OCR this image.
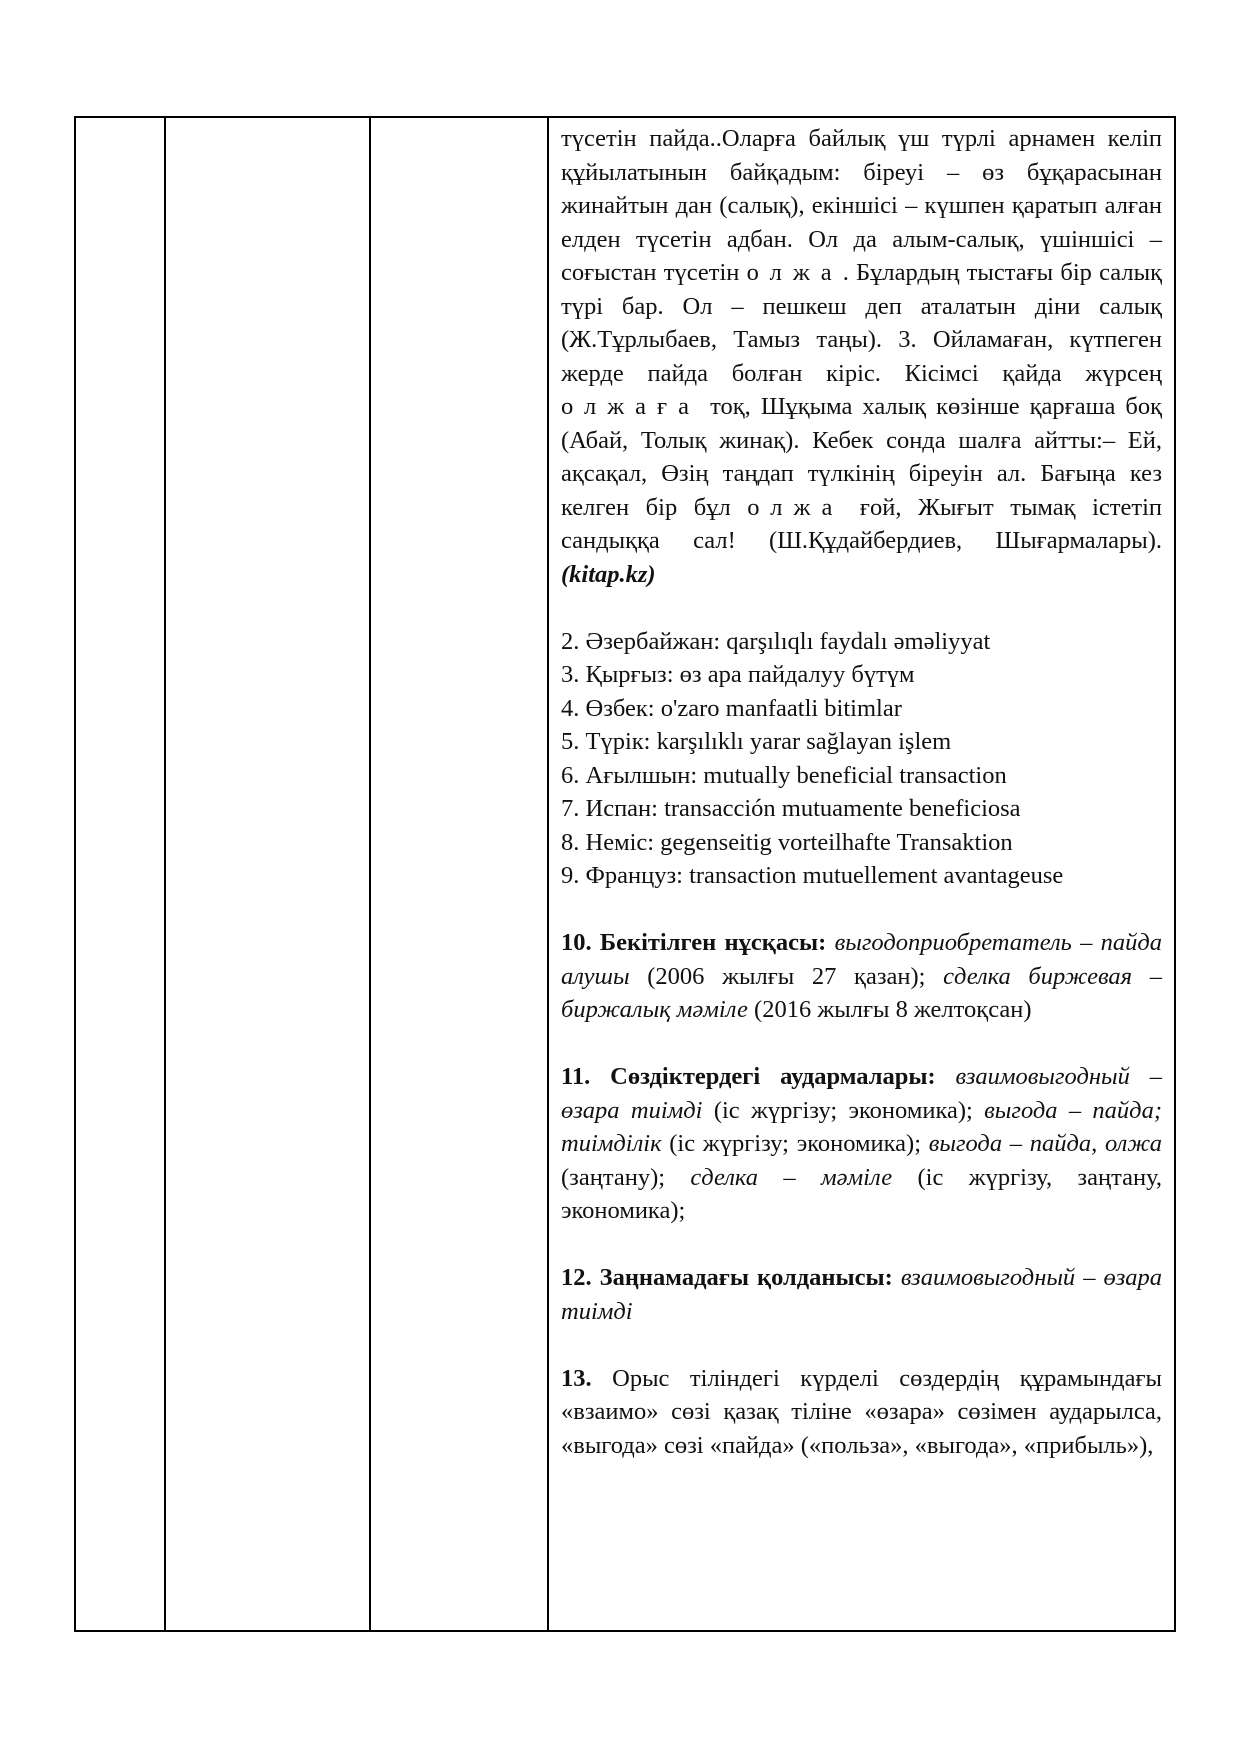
түсетін пайда..Оларға байлық үш түрлі арнамен келіп құйылатынын байқадым: біреуі – өз бұқарасынан жинайтын дан (салық), екіншісі – күшпен қаратып алған елден түсетін адбан. Ол да алым-салық, үшіншісі – соғыстан түсетін олжа. Бұлардың тыстағы бір салық түрі бар. Ол – пешкеш деп аталатын діни салық (Ж.Тұрлыбаев, Тамыз таңы). 3. Ойламаған, күтпеген жерде пайда болған кіріс. Кісімсі қайда жүрсең олжаға тоқ, Шұқыма халық көзінше қарғаша боқ (Абай, Толық жинақ). Кебек сонда шалға айтты:– Ей, ақсақал, Өзің таңдап түлкінің біреуін ал. Бағыңа кез келген бір бұл олжа ғой, Жығыт тымақ істетіп сандыққа сал! (Ш.Құдайбердиев, Шығармалары). (kitap.kz)

2. Әзербайжан: qarşılıqlı faydalı əməliyyat

3. Қырғыз: өз ара пайдалуу бүтүм

4. Өзбек: o'zaro manfaatli bitimlar

5. Түрік: karşılıklı yarar sağlayan işlem

6. Ағылшын: mutually beneficial transaction

7. Испан: transacción mutuamente beneficiosa

8. Неміс: gegenseitig vorteilhafte Transaktion

9. Француз: transaction mutuellement avantageuse

10. Бекітілген нұсқасы: выгодоприобретатель – пайда алушы (2006 жылғы 27 қазан); сделка биржевая – биржалық мәміле (2016 жылғы 8 желтоқсан)

11. Сөздіктердегі аудармалары: взаимовыгодный – өзара тиімді (іс жүргізу; экономика); выгода – пайда; тиімділік (іс жүргізу; экономика); выгода – пайда, олжа (заңтану); сделка – мәміле (іс жүргізу, заңтану, экономика);

12. Заңнамадағы қолданысы: взаимовыгодный – өзара тиімді

13. Орыс тіліндегі күрделі сөздердің құрамындағы «взаимо» сөзі қазақ тіліне «өзара» сөзімен аударылса, «выгода» сөзі «пайда» («польза», «выгода», «прибыль»),
